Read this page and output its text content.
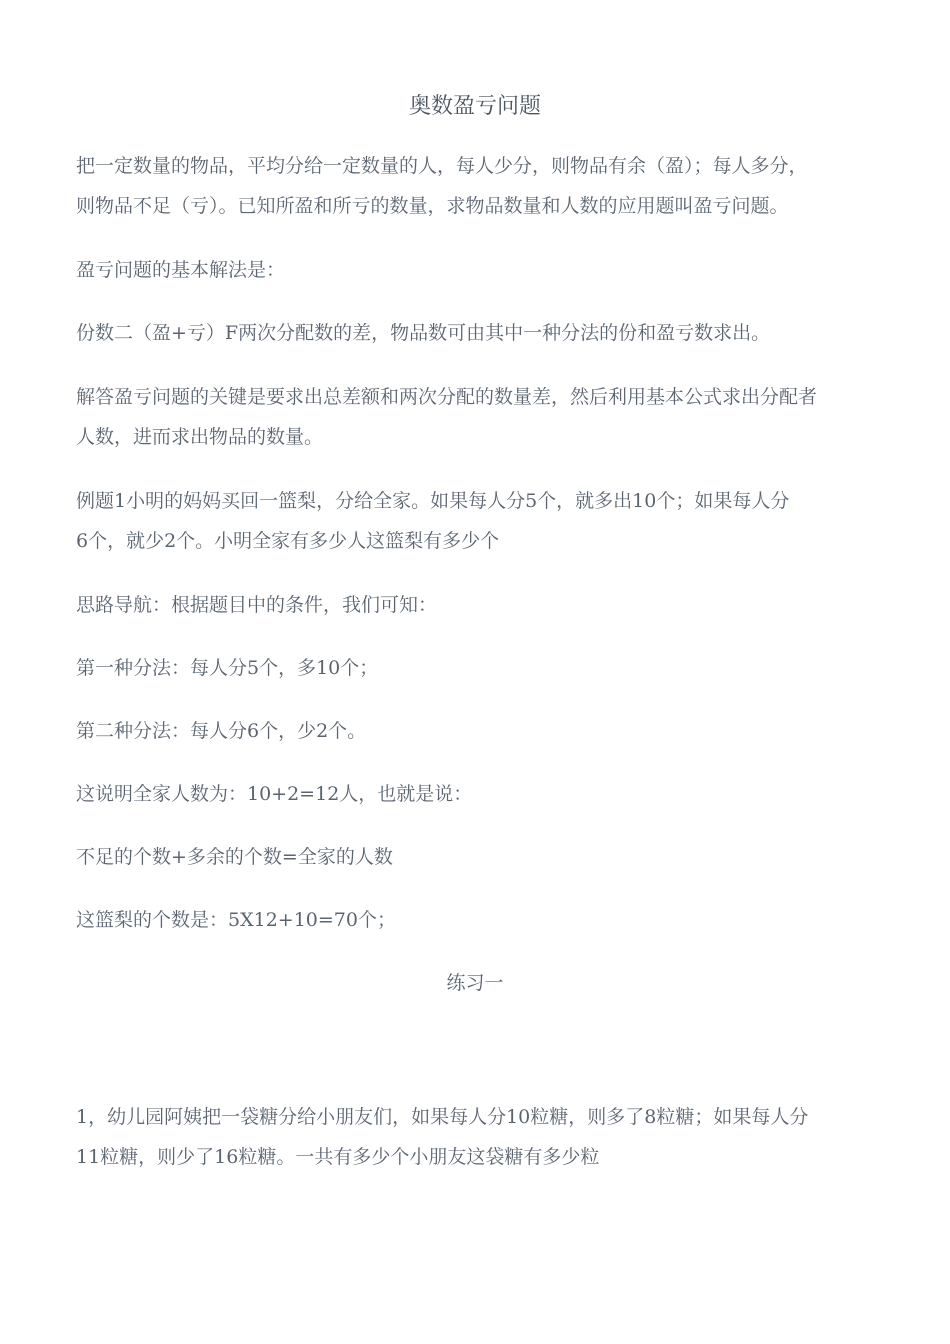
奥数盈亏问题

把一定数量的物品，平均分给一定数量的人，每人少分，则物品有余（盈）；每人多分，
则物品不足（亏）。已知所盈和所亏的数量，求物品数量和人数的应用题叫盈亏问题。

盈亏问题的基本解法是：

份数二（盈+亏）F两次分配数的差，物品数可由其中一种分法的份和盈亏数求出。

解答盈亏问题的关键是要求出总差额和两次分配的数量差，然后利用基本公式求出分配者
人数，进而求出物品的数量。

例题1小明的妈妈买回一篮梨，分给全家。如果每人分5个，就多出10个；如果每人分
6个，就少2个。小明全家有多少人这篮梨有多少个

思路导航：根据题目中的条件，我们可知：

第一种分法：每人分5个，多10个；

第二种分法：每人分6个，少2个。

这说明全家人数为：10+2=12人，也就是说：

不足的个数+多余的个数=全家的人数

这篮梨的个数是：5X12+10=70个；

练习一

1，幼儿园阿姨把一袋糖分给小朋友们，如果每人分10粒糖，则多了8粒糖；如果每人分
11粒糖，则少了16粒糖。一共有多少个小朋友这袋糖有多少粒
